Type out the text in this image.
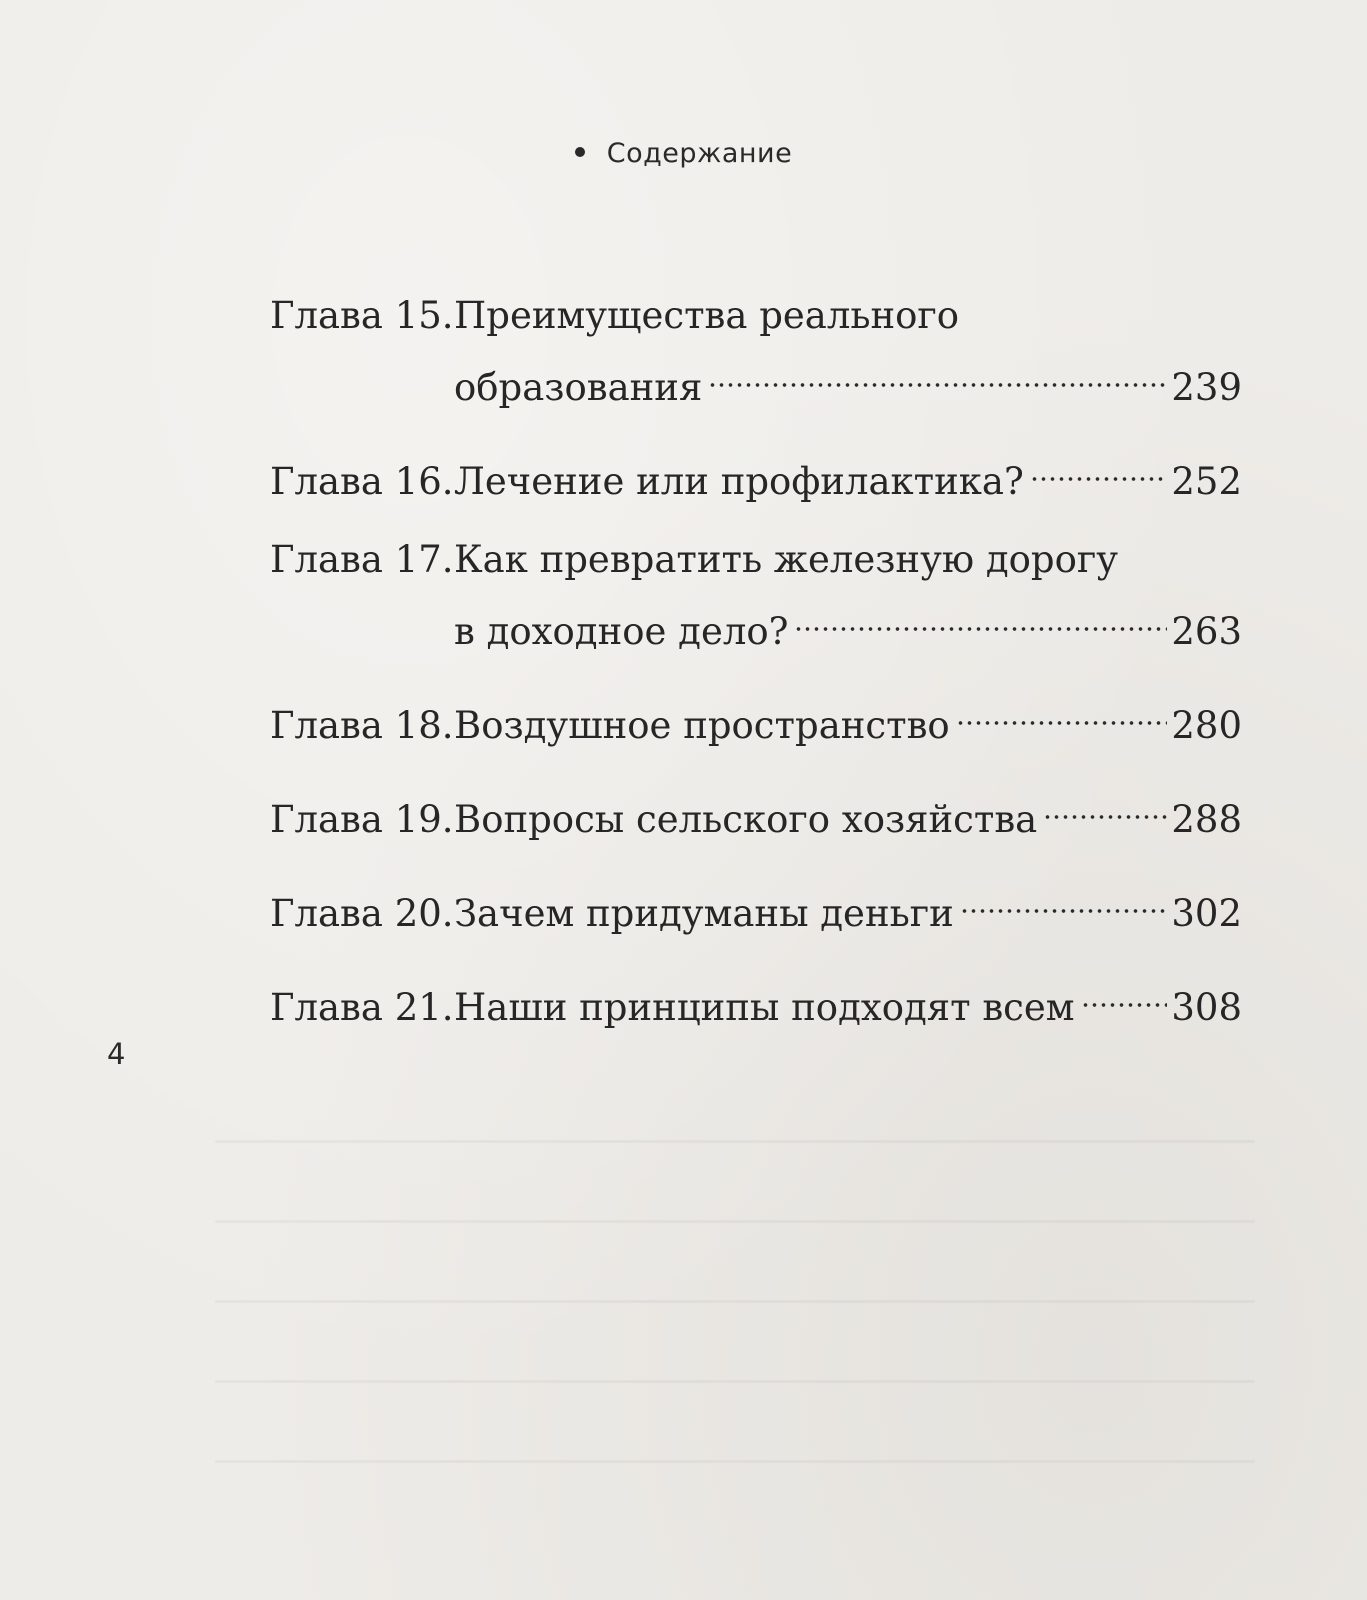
Содержание
Глава 15. Преимущества реального
образования	239
Глава 16. Лечение или профилактика?	252
Глава 17. Как превратить железную дорогу
в доходное дело?	263
Глава 18. Воздушное пространство	280
Глава 19. Вопросы сельского хозяйства	288
Глава 20. Зачем придуманы деньги	302
Глава 21. Наши принципы подходят всем	308
4
